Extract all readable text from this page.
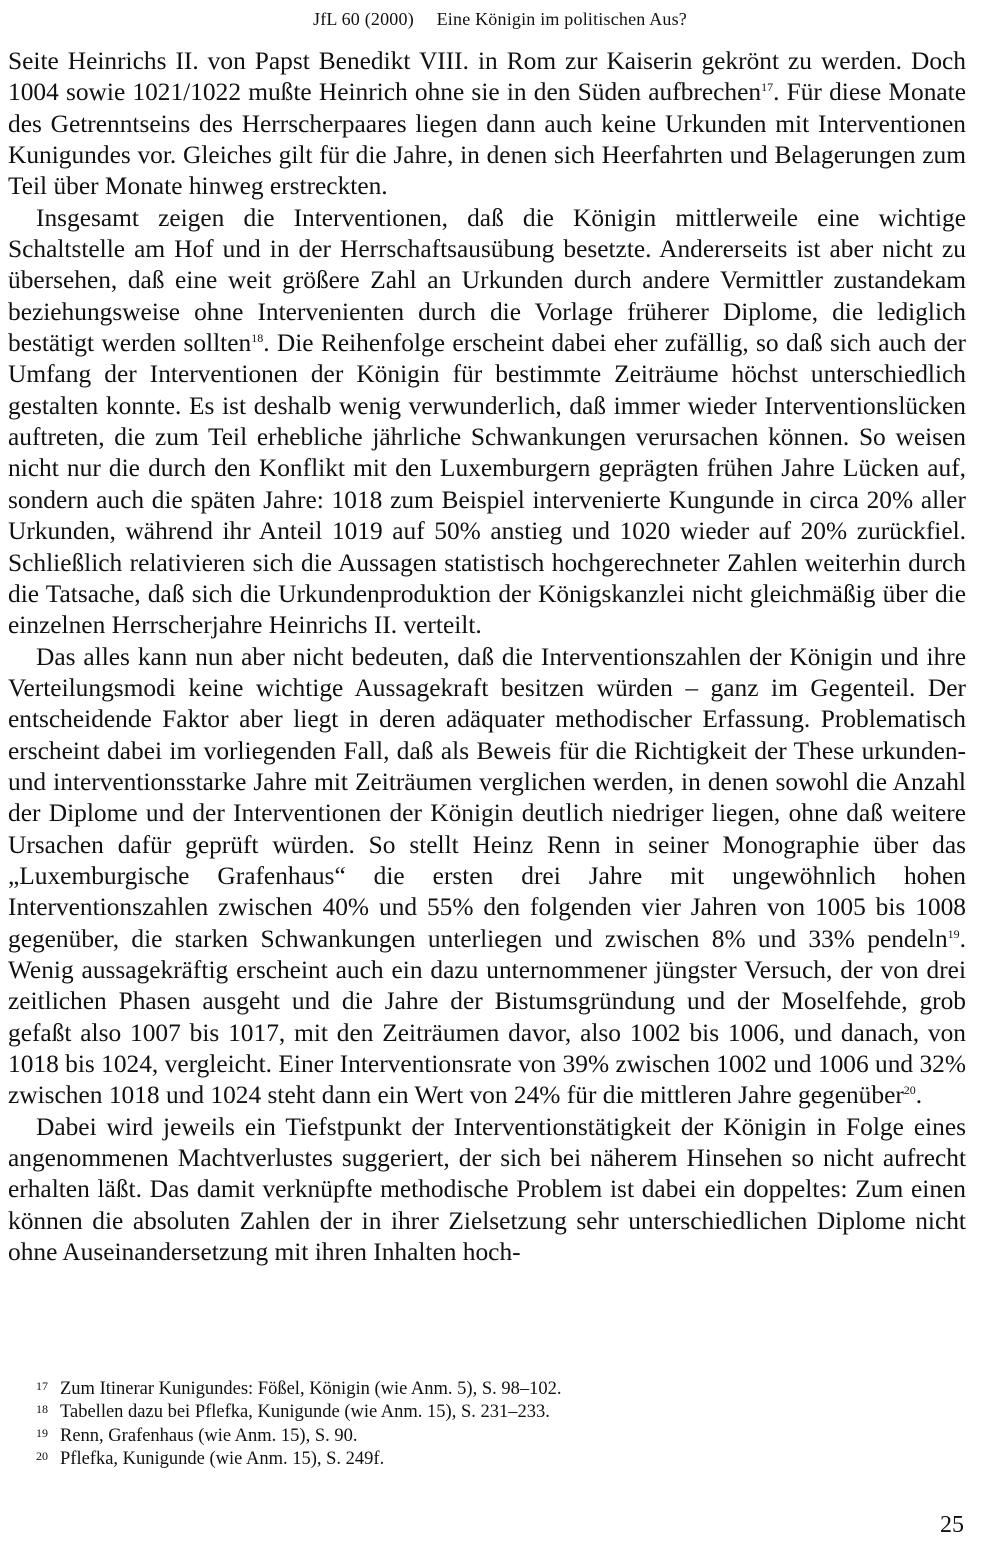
JfL 60 (2000) Eine Königin im politischen Aus?

Seite Heinrichs II. von Papst Benedikt VIII. in Rom zur Kaiserin gekrönt zu werden. Doch 1004 sowie 1021/1022 mußte Heinrich ohne sie in den Süden aufbrechen$^{17}$. Für diese Monate des Getrenntseins des Herrscherpaares liegen dann auch keine Urkunden mit Interventionen Kunigundes vor. Gleiches gilt für die Jahre, in denen sich Heerfahrten und Belagerungen zum Teil über Monate hinweg erstreckten.

Insgesamt zeigen die Interventionen, daß die Königin mittlerweile eine wichtige Schaltstelle am Hof und in der Herrschaftsausübung besetzte. Andererseits ist aber nicht zu übersehen, daß eine weit größere Zahl an Urkunden durch andere Vermittler zustandekam beziehungsweise ohne Intervenienten durch die Vorlage früherer Diplome, die lediglich bestätigt werden sollten$^{18}$. Die Reihenfolge erscheint dabei eher zufällig, so daß sich auch der Umfang der Interventionen der Königin für bestimmte Zeiträume höchst unterschiedlich gestalten konnte. Es ist deshalb wenig verwunderlich, daß immer wieder Interventionslücken auftreten, die zum Teil erhebliche jährliche Schwankungen verursachen können. So weisen nicht nur die durch den Konflikt mit den Luxemburgern geprägten frühen Jahre Lücken auf, sondern auch die späten Jahre: 1018 zum Beispiel intervenierte Kungunde in circa 20% aller Urkunden, während ihr Anteil 1019 auf 50% anstieg und 1020 wieder auf 20% zurückfiel. Schließlich relativieren sich die Aussagen statistisch hochgerechneter Zahlen weiterhin durch die Tatsache, daß sich die Urkundenproduktion der Königskanzlei nicht gleichmäßig über die einzelnen Herrscherjahre Heinrichs II. verteilt.

Das alles kann nun aber nicht bedeuten, daß die Interventionszahlen der Königin und ihre Verteilungsmodi keine wichtige Aussagekraft besitzen würden – ganz im Gegenteil. Der entscheidende Faktor aber liegt in deren adäquater methodischer Erfassung. Problematisch erscheint dabei im vorliegenden Fall, daß als Beweis für die Richtigkeit der These urkunden- und interventionsstarke Jahre mit Zeiträumen verglichen werden, in denen sowohl die Anzahl der Diplome und der Interventionen der Königin deutlich niedriger liegen, ohne daß weitere Ursachen dafür geprüft würden. So stellt Heinz Renn in seiner Monographie über das „Luxemburgische Grafenhaus“ die ersten drei Jahre mit ungewöhnlich hohen Interventionszahlen zwischen 40% und 55% den folgenden vier Jahren von 1005 bis 1008 gegenüber, die starken Schwankungen unterliegen und zwischen 8% und 33% pendeln$^{19}$. Wenig aussagekräftig erscheint auch ein dazu unternommener jüngster Versuch, der von drei zeitlichen Phasen ausgeht und die Jahre der Bistumsgründung und der Moselfehde, grob gefaßt also 1007 bis 1017, mit den Zeiträumen davor, also 1002 bis 1006, und danach, von 1018 bis 1024, vergleicht. Einer Interventionsrate von 39% zwischen 1002 und 1006 und 32% zwischen 1018 und 1024 steht dann ein Wert von 24% für die mittleren Jahre gegenüber$^{20}$.

Dabei wird jeweils ein Tiefstpunkt der Interventionstätigkeit der Königin in Folge eines angenommenen Machtverlustes suggeriert, der sich bei näherem Hinsehen so nicht aufrecht erhalten läßt. Das damit verknüpfte methodische Problem ist dabei ein doppeltes: Zum einen können die absoluten Zahlen der in ihrer Zielsetzung sehr unterschiedlichen Diplome nicht ohne Auseinandersetzung mit ihren Inhalten hoch-

17 Zum Itinerar Kunigundes: Fößel, Königin (wie Anm. 5), S. 98–102.
18 Tabellen dazu bei Pflefka, Kunigunde (wie Anm. 15), S. 231–233.
19 Renn, Grafenhaus (wie Anm. 15), S. 90.
20 Pflefka, Kunigunde (wie Anm. 15), S. 249f.
25
